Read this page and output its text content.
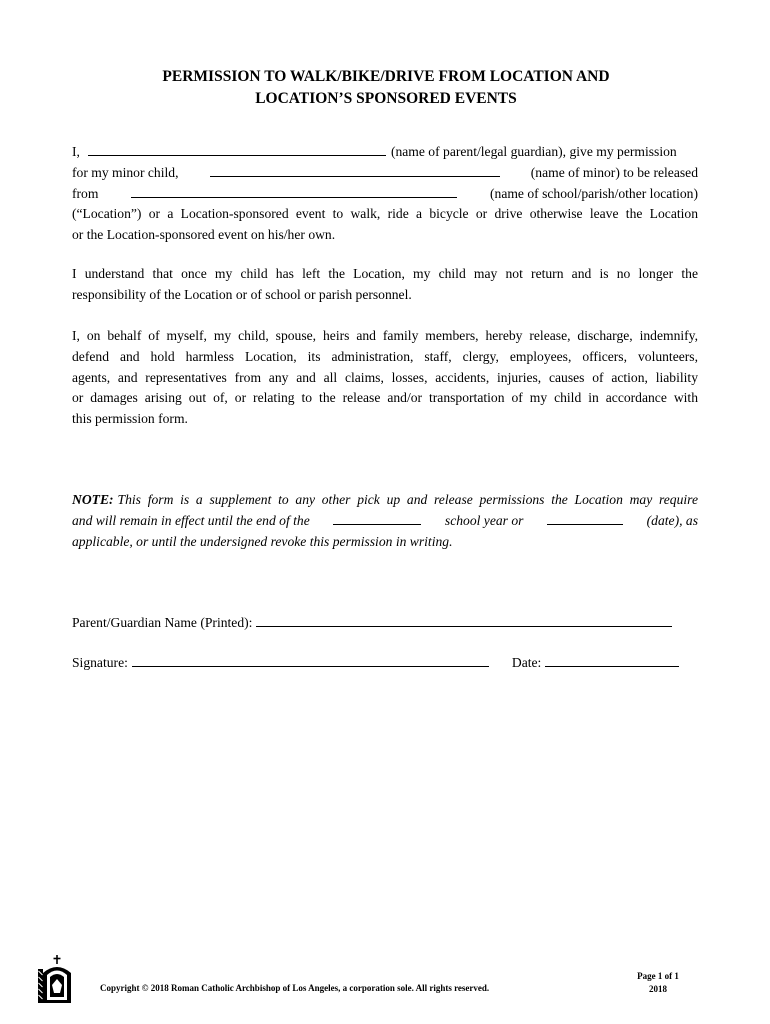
PERMISSION TO WALK/BIKE/DRIVE FROM LOCATION AND
LOCATION’S SPONSORED EVENTS
I,	(name of parent/legal guardian), give my permission
for my minor child,	(name of minor) to be released
from	(name of school/parish/other location)
(“Location”) or a Location-sponsored event to walk, ride a bicycle or drive otherwise leave the Location
or the Location-sponsored event on his/her own.
I understand that once my child has left the Location, my child may not return and is no longer the
responsibility of the Location or of school or parish personnel.
I, on behalf of myself, my child, spouse, heirs and family members, hereby release, discharge, indemnify,
defend and hold harmless Location, its administration, staff, clergy, employees, officers, volunteers,
agents, and representatives from any and all claims, losses, accidents, injuries, causes of action, liability
or damages arising out of, or relating to the release and/or transportation of my child in accordance with
this permission form.
NOTE: This form is a supplement to any other pick up and release permissions the Location may require
and will remain in effect until the end of the	school year or	(date), as
applicable, or until the undersigned revoke this permission in writing.
Parent/Guardian Name (Printed):
Signature:	Date:
Copyright © 2018 Roman Catholic Archbishop of Los Angeles, a corporation sole. All rights reserved.
Page 1 of 1
2018
